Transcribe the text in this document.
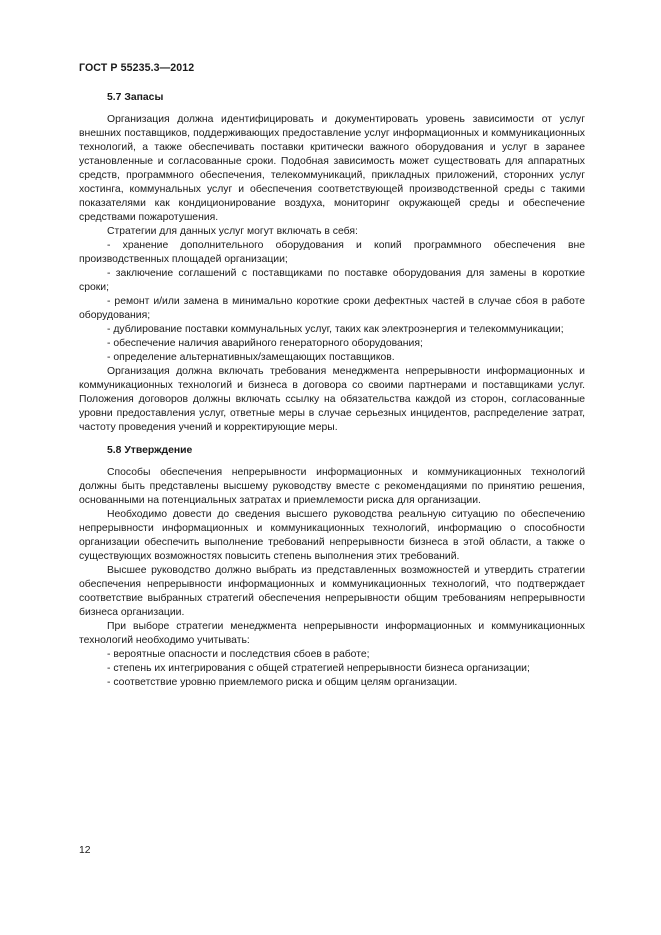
ГОСТ Р 55235.3—2012
5.7 Запасы

Организация должна идентифицировать и документировать уровень зависимости от услуг внешних поставщиков, поддерживающих предоставление услуг информационных и коммуникационных технологий, а также обеспечивать поставки критически важного оборудования и услуг в заранее установленные и согласованные сроки. Подобная зависимость может существовать для аппаратных средств, программного обеспечения, телекоммуникаций, прикладных приложений, сторонних услуг хостинга, коммунальных услуг и обеспечения соответствующей производственной среды с такими показателями как кондиционирование воздуха, мониторинг окружающей среды и обеспечение средствами пожаротушения.

Стратегии для данных услуг могут включать в себя:

- хранение дополнительного оборудования и копий программного обеспечения вне производственных площадей организации;

- заключение соглашений с поставщиками по поставке оборудования для замены в короткие сроки;

- ремонт и/или замена в минимально короткие сроки дефектных частей в случае сбоя в работе оборудования;

- дублирование поставки коммунальных услуг, таких как электроэнергия и телекоммуникации;

- обеспечение наличия аварийного генераторного оборудования;

- определение альтернативных/замещающих поставщиков.

Организация должна включать требования менеджмента непрерывности информационных и коммуникационных технологий и бизнеса в договора со своими партнерами и поставщиками услуг. Положения договоров должны включать ссылку на обязательства каждой из сторон, согласованные уровни предоставления услуг, ответные меры в случае серьезных инцидентов, распределение затрат, частоту проведения учений и корректирующие меры.

5.8 Утверждение

Способы обеспечения непрерывности информационных и коммуникационных технологий должны быть представлены высшему руководству вместе с рекомендациями по принятию решения, основанными на потенциальных затратах и приемлемости риска для организации.

Необходимо довести до сведения высшего руководства реальную ситуацию по обеспечению непрерывности информационных и коммуникационных технологий, информацию о способности организации обеспечить выполнение требований непрерывности бизнеса в этой области, а также о существующих возможностях повысить степень выполнения этих требований.

Высшее руководство должно выбрать из представленных возможностей и утвердить стратегии обеспечения непрерывности информационных и коммуникационных технологий, что подтверждает соответствие выбранных стратегий обеспечения непрерывности общим требованиям непрерывности бизнеса организации.

При выборе стратегии менеджмента непрерывности информационных и коммуникационных технологий необходимо учитывать:

- вероятные опасности и последствия сбоев в работе;

- степень их интегрирования с общей стратегией непрерывности бизнеса организации;

- соответствие уровню приемлемого риска и общим целям организации.

12
